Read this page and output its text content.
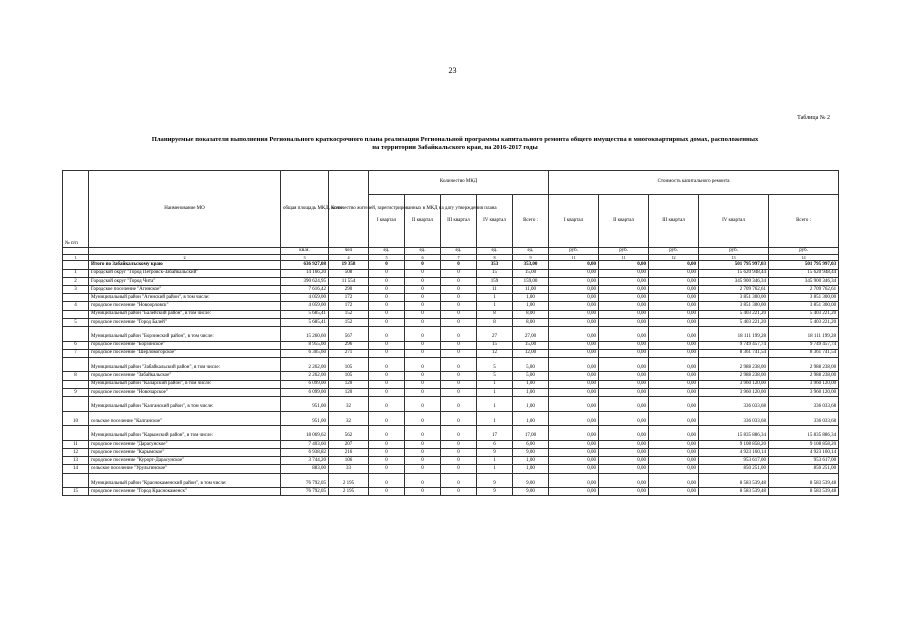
23
Таблица № 2
Планируемые показатели выполнения Регионального краткосрочного плана реализации Региональной программы капитального ремонта общего имущества в многоквартирных домах, расположенных
на территории Забайкальского края, на 2016-2017 годы
№ п/п	Наименование МО	общая площадь МКД, всего	Количество жителей, зарегистрированных в МКД на дату утверждения плана	Количество МКД					Стоимость капитального ремонта				
				I квартал	II квартал	III квартал	IV квартал	Всего :	I квартал	II квартал	III квартал	IV квартал	Всего :
		кв.м.	чел	ед.	ед.	ед.	ед.	ед.	руб.	руб.	руб.	руб.	руб.
1	2	3	4	5	6	7	8	9	11	11	12	13	14
	Итого по Забайкальскому краю	636 927,08	19 358	0	0	0	353	353,00	0,00	0,00	0,00	501 795 997,03	501 795 997,03
1	Городской округ "Город Петровск-Забайкальский"	14 166,20	508	0	0	0	15	15,00	0,00	0,00	0,00	15 620 948,44	15 620 948,44
2	Городской округ "Город Чита"	390 624,95	11 554	0	0	0	159	159,00	0,00	0,00	0,00	345 900 346,34	345 900 346,34
3	Городское поселение "Агинское"	7 616,42	290	0	0	0	11	11,00	0,00	0,00	0,00	2 709 762,61	2 709 762,61
	Муниципальный район "Агинский район", в том числе:	4 059,00	172	0	0	0	1	1,00	0,00	0,00	0,00	3 851 300,00	3 851 300,00
4	городское поселение "Новоорловск"	4 059,00	172	0	0	0	1	1,00	0,00	0,00	0,00	3 851 300,00	3 851 300,00
	Муниципальный район "Балейский район", в том числе:	5 685,41	152	0	0	0	8	8,00	0,00	0,00	0,00	5 403 221,20	5 403 221,20
5	городское поселение "Город Балей"	5 685,41	152	0	0	0	8	8,00	0,00	0,00	0,00	5 403 221,20	5 403 221,20
	Муниципальный район "Борзинский район", в том числе:	15 260,60	567	0	0	0	27	27,00	0,00	0,00	0,00	18 111 199,28	18 111 199,28
6	городское поселение "Борзинское"	8 955,00	296	0	0	0	15	15,00	0,00	0,00	0,00	9 749 457,74	9 749 457,74
7	городское поселение "Шерловогорское"	6 305,60	271	0	0	0	12	12,00	0,00	0,00	0,00	8 361 741,54	8 361 741,54
	Муниципальный район "Забайкальский район", в том числе:	2 262,00	105	0	0	0	5	5,00	0,00	0,00	0,00	2 988 238,00	2 988 238,00
8	городское поселение "Забайкальское"	2 262,00	105	0	0	0	5	5,00	0,00	0,00	0,00	2 988 238,00	2 988 238,00
	Муниципальный район "Каларский район", в том числе:	6 099,00	120	0	0	0	1	1,00	0,00	0,00	0,00	3 960 120,00	3 960 120,00
9	городское поселение "Новочарское"	6 099,00	120	0	0	0	1	1,00	0,00	0,00	0,00	3 960 120,00	3 960 120,00
	Муниципальный район "Калганский район", в том числе:	951,00	32	0	0	0	1	1,00	0,00	0,00	0,00	336 033,68	336 033,68
10	сельское поселение "Калганское"	951,00	32	0	0	0	1	1,00	0,00	0,00	0,00	336 033,68	336 033,68
	Муниципальный район "Карымский район", в том числе:	18 069,62	562	0	0	0	17	17,00	0,00	0,00	0,00	15 835 886,34	15 835 886,34
11	городское поселение "Дарасунское"	7 403,60	207	0	0	0	6	6,00	0,00	0,00	0,00	9 108 858,20	9 108 858,20
12	городское поселение "Карымское"	6 938,82	216	0	0	0	9	9,00	0,00	0,00	0,00	4 923 160,14	4 923 160,14
13	городское поселение "Курорт-Дарасунское"	3 744,20	106	0	0	0	1	1,00	0,00	0,00	0,00	953 617,00	953 617,00
14	сельское поселение "Урульгинское"	883,00	33	0	0	0	1	1,00	0,00	0,00	0,00	850 251,00	850 251,00
	Муниципальный район "Краснокаменский район", в том числе:	76 792,05	2 195	0	0	0	9	9,00	0,00	0,00	0,00	8 583 539,48	8 583 539,48
15	городское поселение "Город Краснокаменск"	76 792,05	2 195	0	0	0	9	9,00	0,00	0,00	0,00	8 583 539,48	8 583 539,48
